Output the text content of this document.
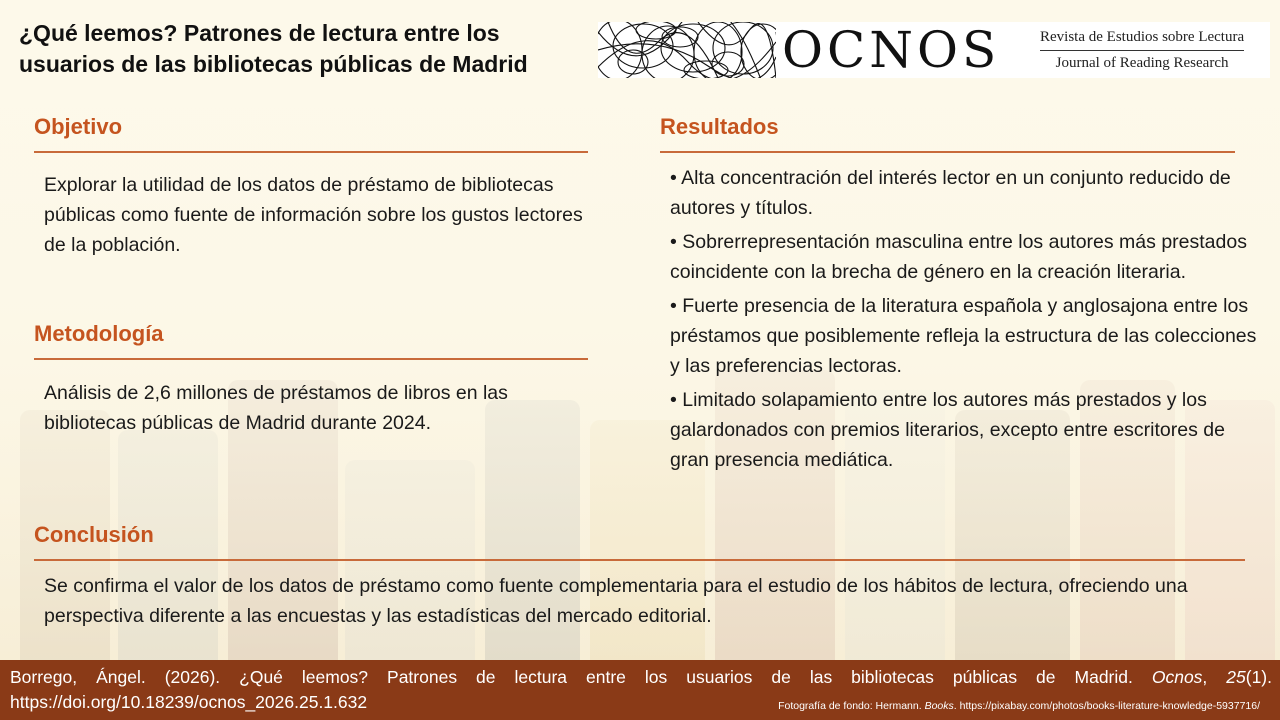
¿Qué leemos? Patrones de lectura entre los usuarios de las bibliotecas públicas de Madrid	OCNOS	Revista de Estudios sobre Lectura
Journal of Reading Research
Objetivo

Explorar la utilidad de los datos de préstamo de bibliotecas públicas como fuente de información sobre los gustos lectores de la población.

Metodología

Análisis de 2,6 millones de préstamos de libros en las bibliotecas públicas de Madrid durante 2024.

Resultados
• Alta concentración del interés lector en un conjunto reducido de autores y títulos.
• Sobrerrepresentación masculina entre los autores más prestados coincidente con la brecha de género en la creación literaria.
• Fuerte presencia de la literatura española y anglosajona entre los préstamos que posiblemente refleja la estructura de las colecciones y las preferencias lectoras.
• Limitado solapamiento entre los autores más prestados y los galardonados con premios literarios, excepto entre escritores de gran presencia mediática.
Conclusión

Se confirma el valor de los datos de préstamo como fuente complementaria para el estudio de los hábitos de lectura, ofreciendo una perspectiva diferente a las encuestas y las estadísticas del mercado editorial.

Borrego, Ángel. (2026). ¿Qué leemos? Patrones de lectura entre los usuarios de las bibliotecas públicas de Madrid. Ocnos, 25(1). https://doi.org/10.18239/ocnos_2026.25.1.632	Fotografía de fondo: Hermann. Books. https://pixabay.com/photos/books-literature-knowledge-5937716/
